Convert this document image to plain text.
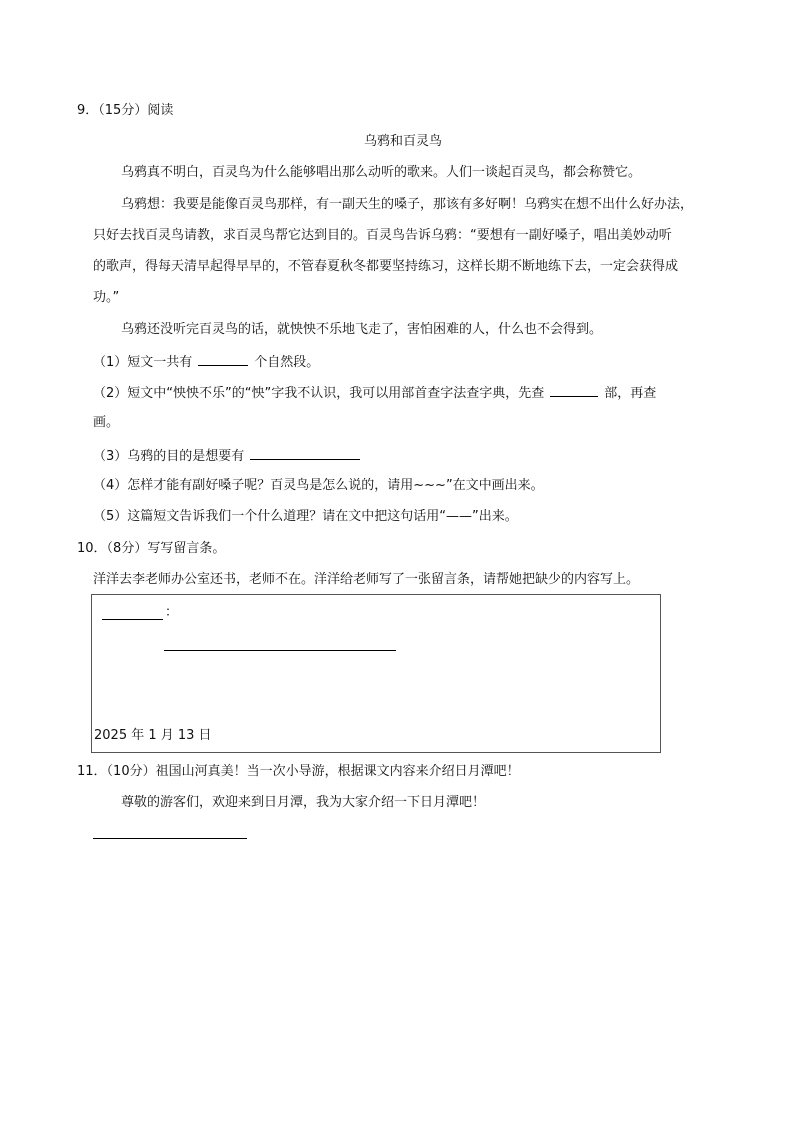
9．（15分）阅读
乌鸦和百灵鸟
乌鸦真不明白，百灵鸟为什么能够唱出那么动听的歌来。人们一谈起百灵鸟，都会称赞它。
乌鸦想：我要是能像百灵鸟那样，有一副天生的嗓子，那该有多好啊！乌鸦实在想不出什么好办法，
只好去找百灵鸟请教，求百灵鸟帮它达到目的。百灵鸟告诉乌鸦：“要想有一副好嗓子，唱出美妙动听
的歌声，得每天清早起得早早的，不管春夏秋冬都要坚持练习，这样长期不断地练下去，一定会获得成
功。”
乌鸦还没听完百灵鸟的话，就怏怏不乐地飞走了，害怕困难的人，什么也不会得到。
（1）短文一共有	个自然段。
（2）短文中“怏怏不乐”的“怏”字我不认识，我可以用部首查字法查字典，先查	部，再查
画。
（3）乌鸦的目的是想要有
（4）怎样才能有副好嗓子呢？百灵鸟是怎么说的，请用~~~”在文中画出来。
（5）这篇短文告诉我们一个什么道理？请在文中把这句话用“——”出来。
10．（8分）写写留言条。
洋洋去李老师办公室还书，老师不在。洋洋给老师写了一张留言条，请帮她把缺少的内容写上。
：
2025 年 1 月 13 日
11．（10分）祖国山河真美！当一次小导游，根据课文内容来介绍日月潭吧！
尊敬的游客们，欢迎来到日月潭，我为大家介绍一下日月潭吧！
